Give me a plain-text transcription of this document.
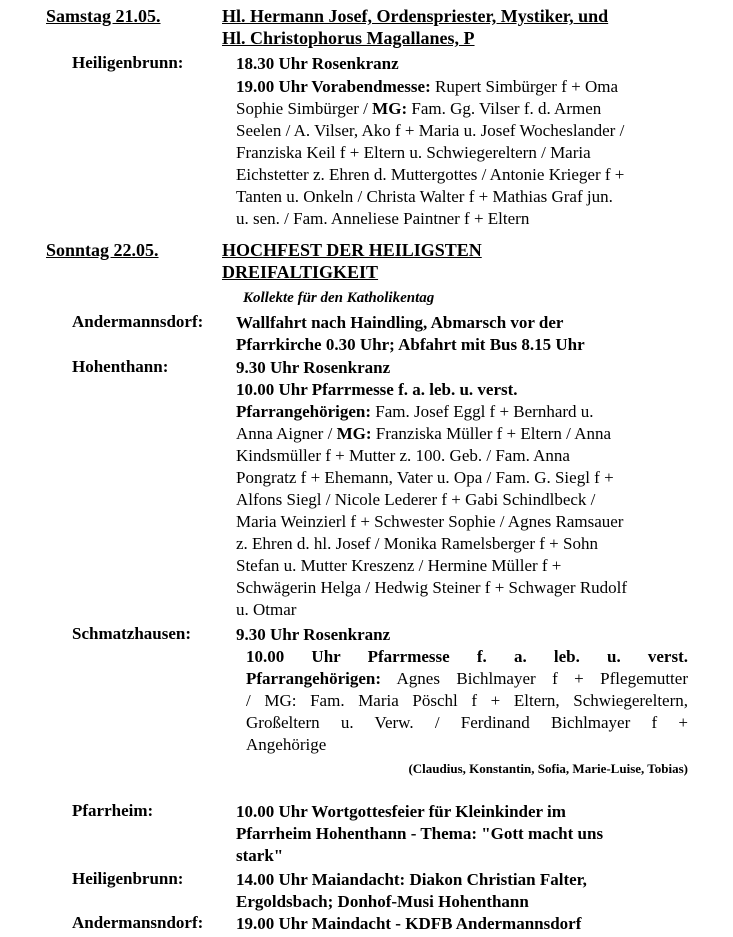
Samstag 21.05.	Hl. Hermann Josef, Ordenspriester, Mystiker, und
Hl. Christophorus Magallanes, P
Heiligenbrunn:	18.30 Uhr Rosenkranz
19.00 Uhr Vorabendmesse: Rupert Simbürger f + Oma
Sophie Simbürger / MG: Fam. Gg. Vilser f. d. Armen
Seelen / A. Vilser, Ako f + Maria u. Josef Wocheslander /
Franziska Keil f + Eltern u. Schwiegereltern / Maria
Eichstetter z. Ehren d. Muttergottes / Antonie Krieger f +
Tanten u. Onkeln / Christa Walter f + Mathias Graf jun.
u. sen. / Fam. Anneliese Paintner f + Eltern
Sonntag 22.05.	HOCHFEST DER HEILIGSTEN
DREIFALTIGKEIT
Kollekte für den Katholikentag
Andermannsdorf: Wallfahrt nach Haindling, Abmarsch vor der
Pfarrkirche 0.30 Uhr; Abfahrt mit Bus 8.15 Uhr
Hohenthann:	9.30 Uhr Rosenkranz
10.00 Uhr Pfarrmesse f. a. leb. u. verst.
Pfarrangehörigen: Fam. Josef Eggl f + Bernhard u.
Anna Aigner / MG: Franziska Müller f + Eltern / Anna
Kindsmüller f + Mutter z. 100. Geb. / Fam. Anna
Pongratz f + Ehemann, Vater u. Opa / Fam. G. Siegl f +
Alfons Siegl / Nicole Lederer f + Gabi Schindlbeck /
Maria Weinzierl f + Schwester Sophie / Agnes Ramsauer
z. Ehren d. hl. Josef / Monika Ramelsberger f + Sohn
Stefan u. Mutter Kreszenz / Hermine Müller f +
Schwägerin Helga / Hedwig Steiner f + Schwager Rudolf
u. Otmar
Schmatzhausen:	9.30 Uhr Rosenkranz
10.00 Uhr Pfarrmesse f. a. leb. u. verst.
Pfarrangehörigen: Agnes Bichlmayer f + Pflegemutter
/ MG: Fam. Maria Pöschl f + Eltern, Schwiegereltern,
Großeltern u. Verw. / Ferdinand Bichlmayer f +
Angehörige
(Claudius, Konstantin, Sofia, Marie-Luise, Tobias)
Pfarrheim:	10.00 Uhr Wortgottesfeier für Kleinkinder im
Pfarrheim Hohenthann - Thema: "Gott macht uns
stark"
Heiligenbrunn:	14.00 Uhr Maiandacht: Diakon Christian Falter,
Ergoldsbach; Donhof-Musi Hohenthann
Andermansndorf: 19.00 Uhr Maindacht - KDFB Andermannsdorf
